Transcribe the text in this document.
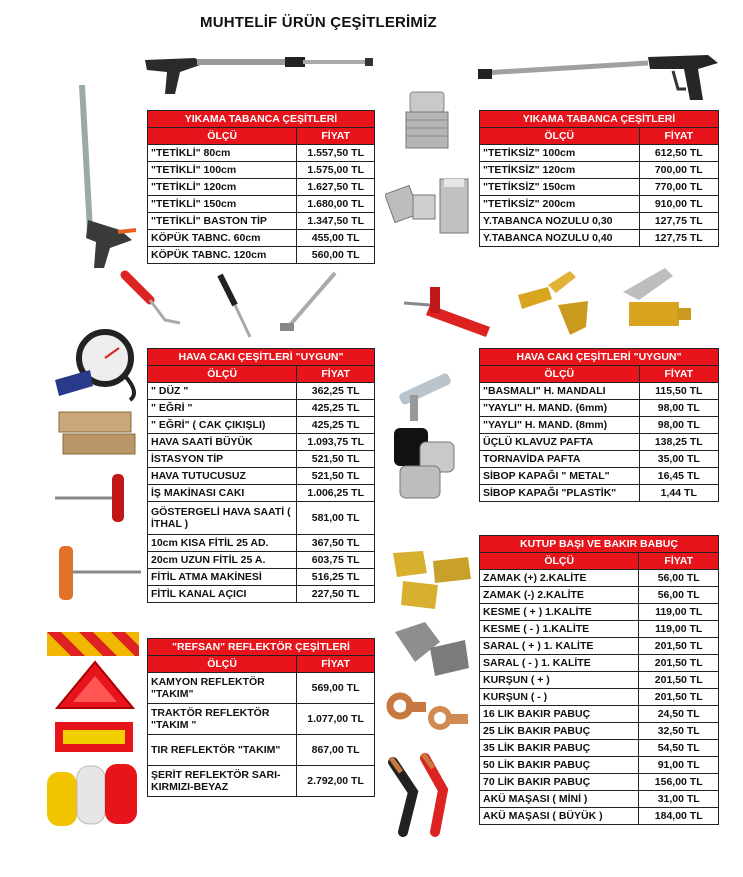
MUHTELİF ÜRÜN ÇEŞİTLERİMİZ
YIKAMA TABANCA ÇEŞİTLERİ	
ÖLÇÜ	FİYAT
"TETİKLİ" 80cm	1.557,50 TL
"TETİKLİ" 100cm	1.575,00 TL
"TETİKLİ" 120cm	1.627,50 TL
"TETİKLİ" 150cm	1.680,00 TL
"TETİKLİ" BASTON TİP	1.347,50 TL
KÖPÜK TABNC. 60cm	455,00 TL
KÖPÜK TABNC. 120cm	560,00 TL
YIKAMA TABANCA ÇEŞİTLERİ	
ÖLÇÜ	FİYAT
"TETİKSİZ" 100cm	612,50 TL
"TETİKSİZ" 120cm	700,00 TL
"TETİKSİZ" 150cm	770,00 TL
"TETİKSİZ" 200cm	910,00 TL
Y.TABANCA NOZULU 0,30	127,75 TL
Y.TABANCA NOZULU 0,40	127,75 TL
HAVA CAKI ÇEŞİTLERİ "UYGUN"	
ÖLÇÜ	FİYAT
" DÜZ "	362,25 TL
" EĞRİ "	425,25 TL
" EĞRİ" ( CAK ÇIKIŞLI)	425,25 TL
HAVA SAATİ BÜYÜK	1.093,75 TL
İSTASYON TİP	521,50 TL
HAVA TUTUCUSUZ	521,50 TL
İŞ MAKİNASI CAKI	1.006,25 TL
GÖSTERGELİ HAVA SAATİ ( İTHAL )	581,00 TL
10cm KISA FİTİL 25 AD.	367,50 TL
20cm UZUN FİTİL 25 A.	603,75 TL
FİTİL ATMA MAKİNESİ	516,25 TL
FİTİL KANAL AÇICI	227,50 TL
HAVA CAKI ÇEŞİTLERİ "UYGUN"	
ÖLÇÜ	FİYAT
"BASMALI" H. MANDALI	115,50 TL
"YAYLI" H. MAND. (6mm)	98,00 TL
"YAYLI" H. MAND. (8mm)	98,00 TL
ÜÇLÜ KLAVUZ PAFTA	138,25 TL
TORNAVİDA PAFTA	35,00 TL
SİBOP KAPAĞI " METAL"	16,45 TL
SİBOP KAPAĞI "PLASTİK"	1,44 TL
KUTUP BAŞI VE BAKIR BABUÇ	
ÖLÇÜ	FİYAT
ZAMAK (+) 2.KALİTE	56,00 TL
ZAMAK (-) 2.KALİTE	56,00 TL
KESME ( + ) 1.KALİTE	119,00 TL
KESME ( - ) 1.KALİTE	119,00 TL
SARAL ( + ) 1. KALİTE	201,50 TL
SARAL ( - ) 1. KALİTE	201,50 TL
KURŞUN ( + )	201,50 TL
KURŞUN ( - )	201,50 TL
16 LIK BAKIR PABUÇ	24,50 TL
25 LİK BAKIR PABUÇ	32,50 TL
35 LİK BAKIR PABUÇ	54,50 TL
50 LİK BAKIR PABUÇ	91,00 TL
70 LİK BAKIR PABUÇ	156,00 TL
AKÜ MAŞASI ( MİNİ )	31,00 TL
AKÜ MAŞASI ( BÜYÜK )	184,00 TL
"REFSAN" REFLEKTÖR ÇEŞİTLERİ	
ÖLÇÜ	FİYAT
KAMYON REFLEKTÖR "TAKIM"	569,00 TL
TRAKTÖR REFLEKTÖR "TAKIM "	1.077,00 TL
TIR REFLEKTÖR "TAKIM"	867,00 TL
ŞERİT REFLEKTÖR SARI-KIRMIZI-BEYAZ	2.792,00 TL
